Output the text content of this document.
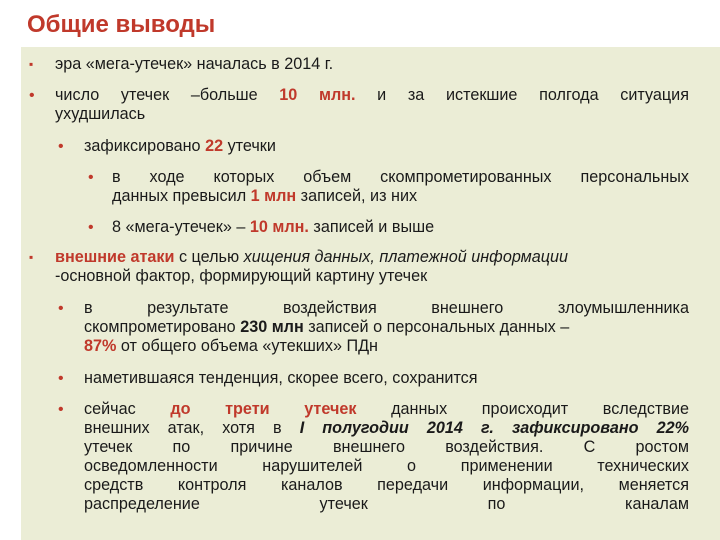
Общие выводы
▪ эра «мега-утечек» началась в 2014 г.
• число утечек –больше 10 млн. и за истекшие полгода ситуация
ухудшилась
• зафиксировано 22 утечки
• в ходе которых объем скомпрометированных персональных
данных превысил 1 млн записей, из них
• 8 «мега-утечек» – 10 млн. записей и выше
▪ внешние атаки с целью хищения данных, платежной информации
-основной фактор, формирующий картину утечек
• в результате воздействия внешнего злоумышленника
скомпрометировано 230 млн записей о персональных данных –
87% от общего объема «утекших» ПДн
• наметившаяся тенденция, скорее всего, сохранится
• сейчас до трети утечек данных происходит вследствие
внешних атак, хотя в I полугодии 2014 г. зафиксировано 22%
утечек по причине внешнего воздействия. С ростом
осведомленности нарушителей о применении технических
средств контроля каналов передачи информации, меняется
распределение утечек по каналам
